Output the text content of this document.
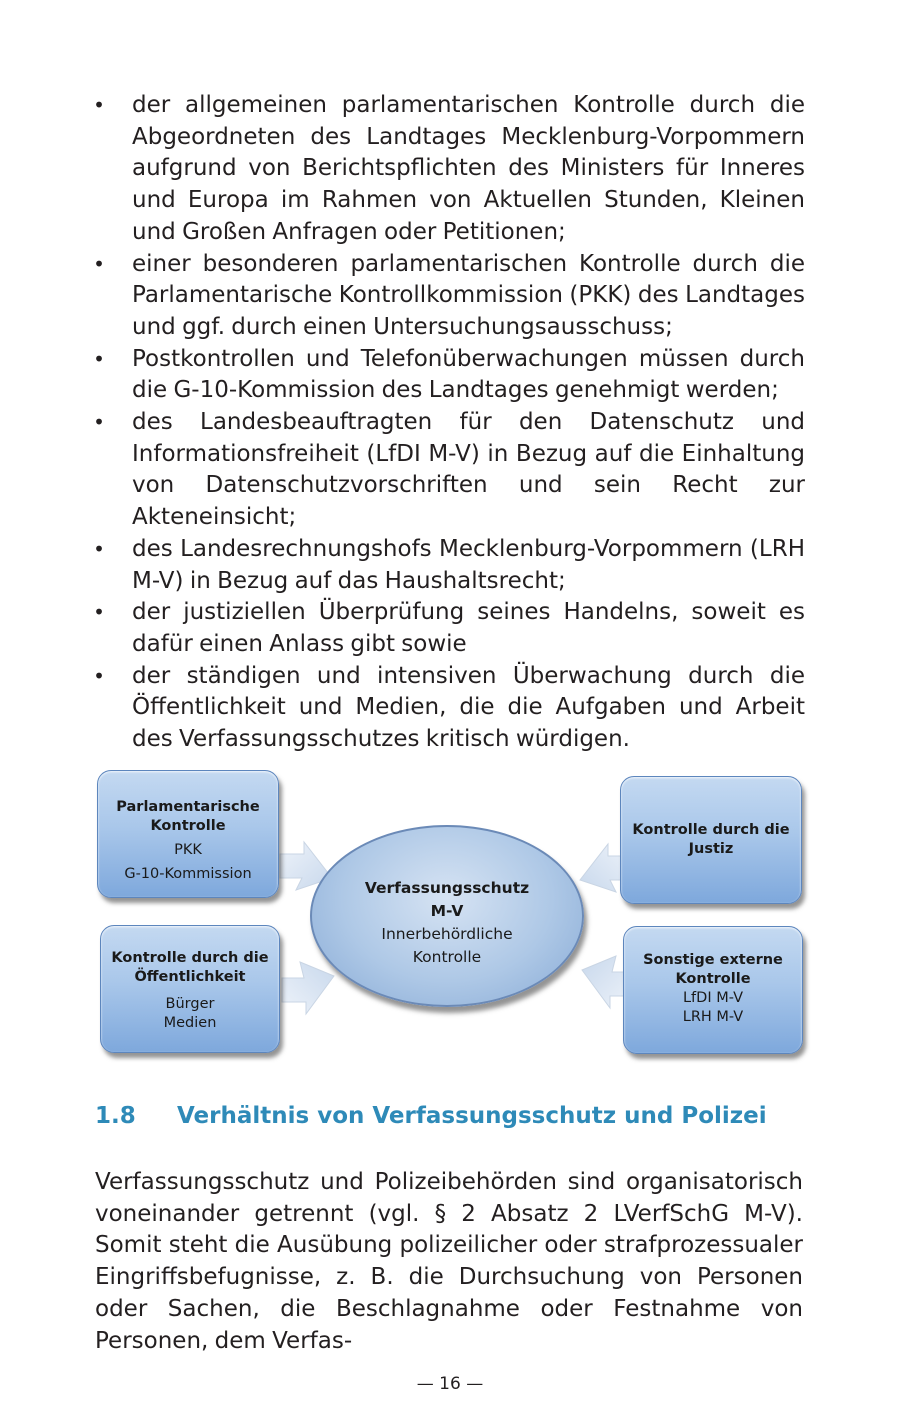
• der allgemeinen parlamentarischen Kontrolle durch die Abgeordneten des Landtages Mecklenburg-Vorpommern aufgrund von Berichtspflichten des Ministers für Inneres und Europa im Rahmen von Aktuellen Stunden, Kleinen und Großen Anfragen oder Petitionen;
• einer besonderen parlamentarischen Kontrolle durch die Parlamentarische Kontrollkommission (PKK) des Landtages und ggf. durch einen Untersuchungsausschuss;
• Postkontrollen und Telefonüberwachungen müssen durch die G-10-Kommission des Landtages genehmigt werden;
• des Landesbeauftragten für den Datenschutz und Informationsfreiheit (LfDI M-V) in Bezug auf die Einhaltung von Datenschutzvorschriften und sein Recht zur Akteneinsicht;
• des Landesrechnungshofs Mecklenburg-Vorpommern (LRH M-V) in Bezug auf das Haushaltsrecht;
• der justiziellen Überprüfung seines Handelns, soweit es dafür einen Anlass gibt sowie
• der ständigen und intensiven Überwachung durch die Öffentlichkeit und Medien, die die Aufgaben und Arbeit des Verfassungsschutzes kritisch würdigen.
Parlamentarische
Kontrolle
PKK
G-10-Kommission
Kontrolle durch die
Öffentlichkeit
Bürger
Medien
Kontrolle durch die
Justiz
Sonstige externe
Kontrolle
LfDI M-V
LRH M-V
Verfassungsschutz
M-V
Innerbehördliche
Kontrolle
1.8 Verhältnis von Verfassungsschutz und Polizei

Verfassungsschutz und Polizeibehörden sind organisatorisch voneinander getrennt (vgl. § 2 Absatz 2 LVerfSchG M-V). Somit steht die Ausübung polizeilicher oder strafprozessualer Eingriffsbefugnisse, z. B. die Durchsuchung von Personen oder Sachen, die Beschlagnahme oder Festnahme von Personen, dem Verfas-

— 16 —
